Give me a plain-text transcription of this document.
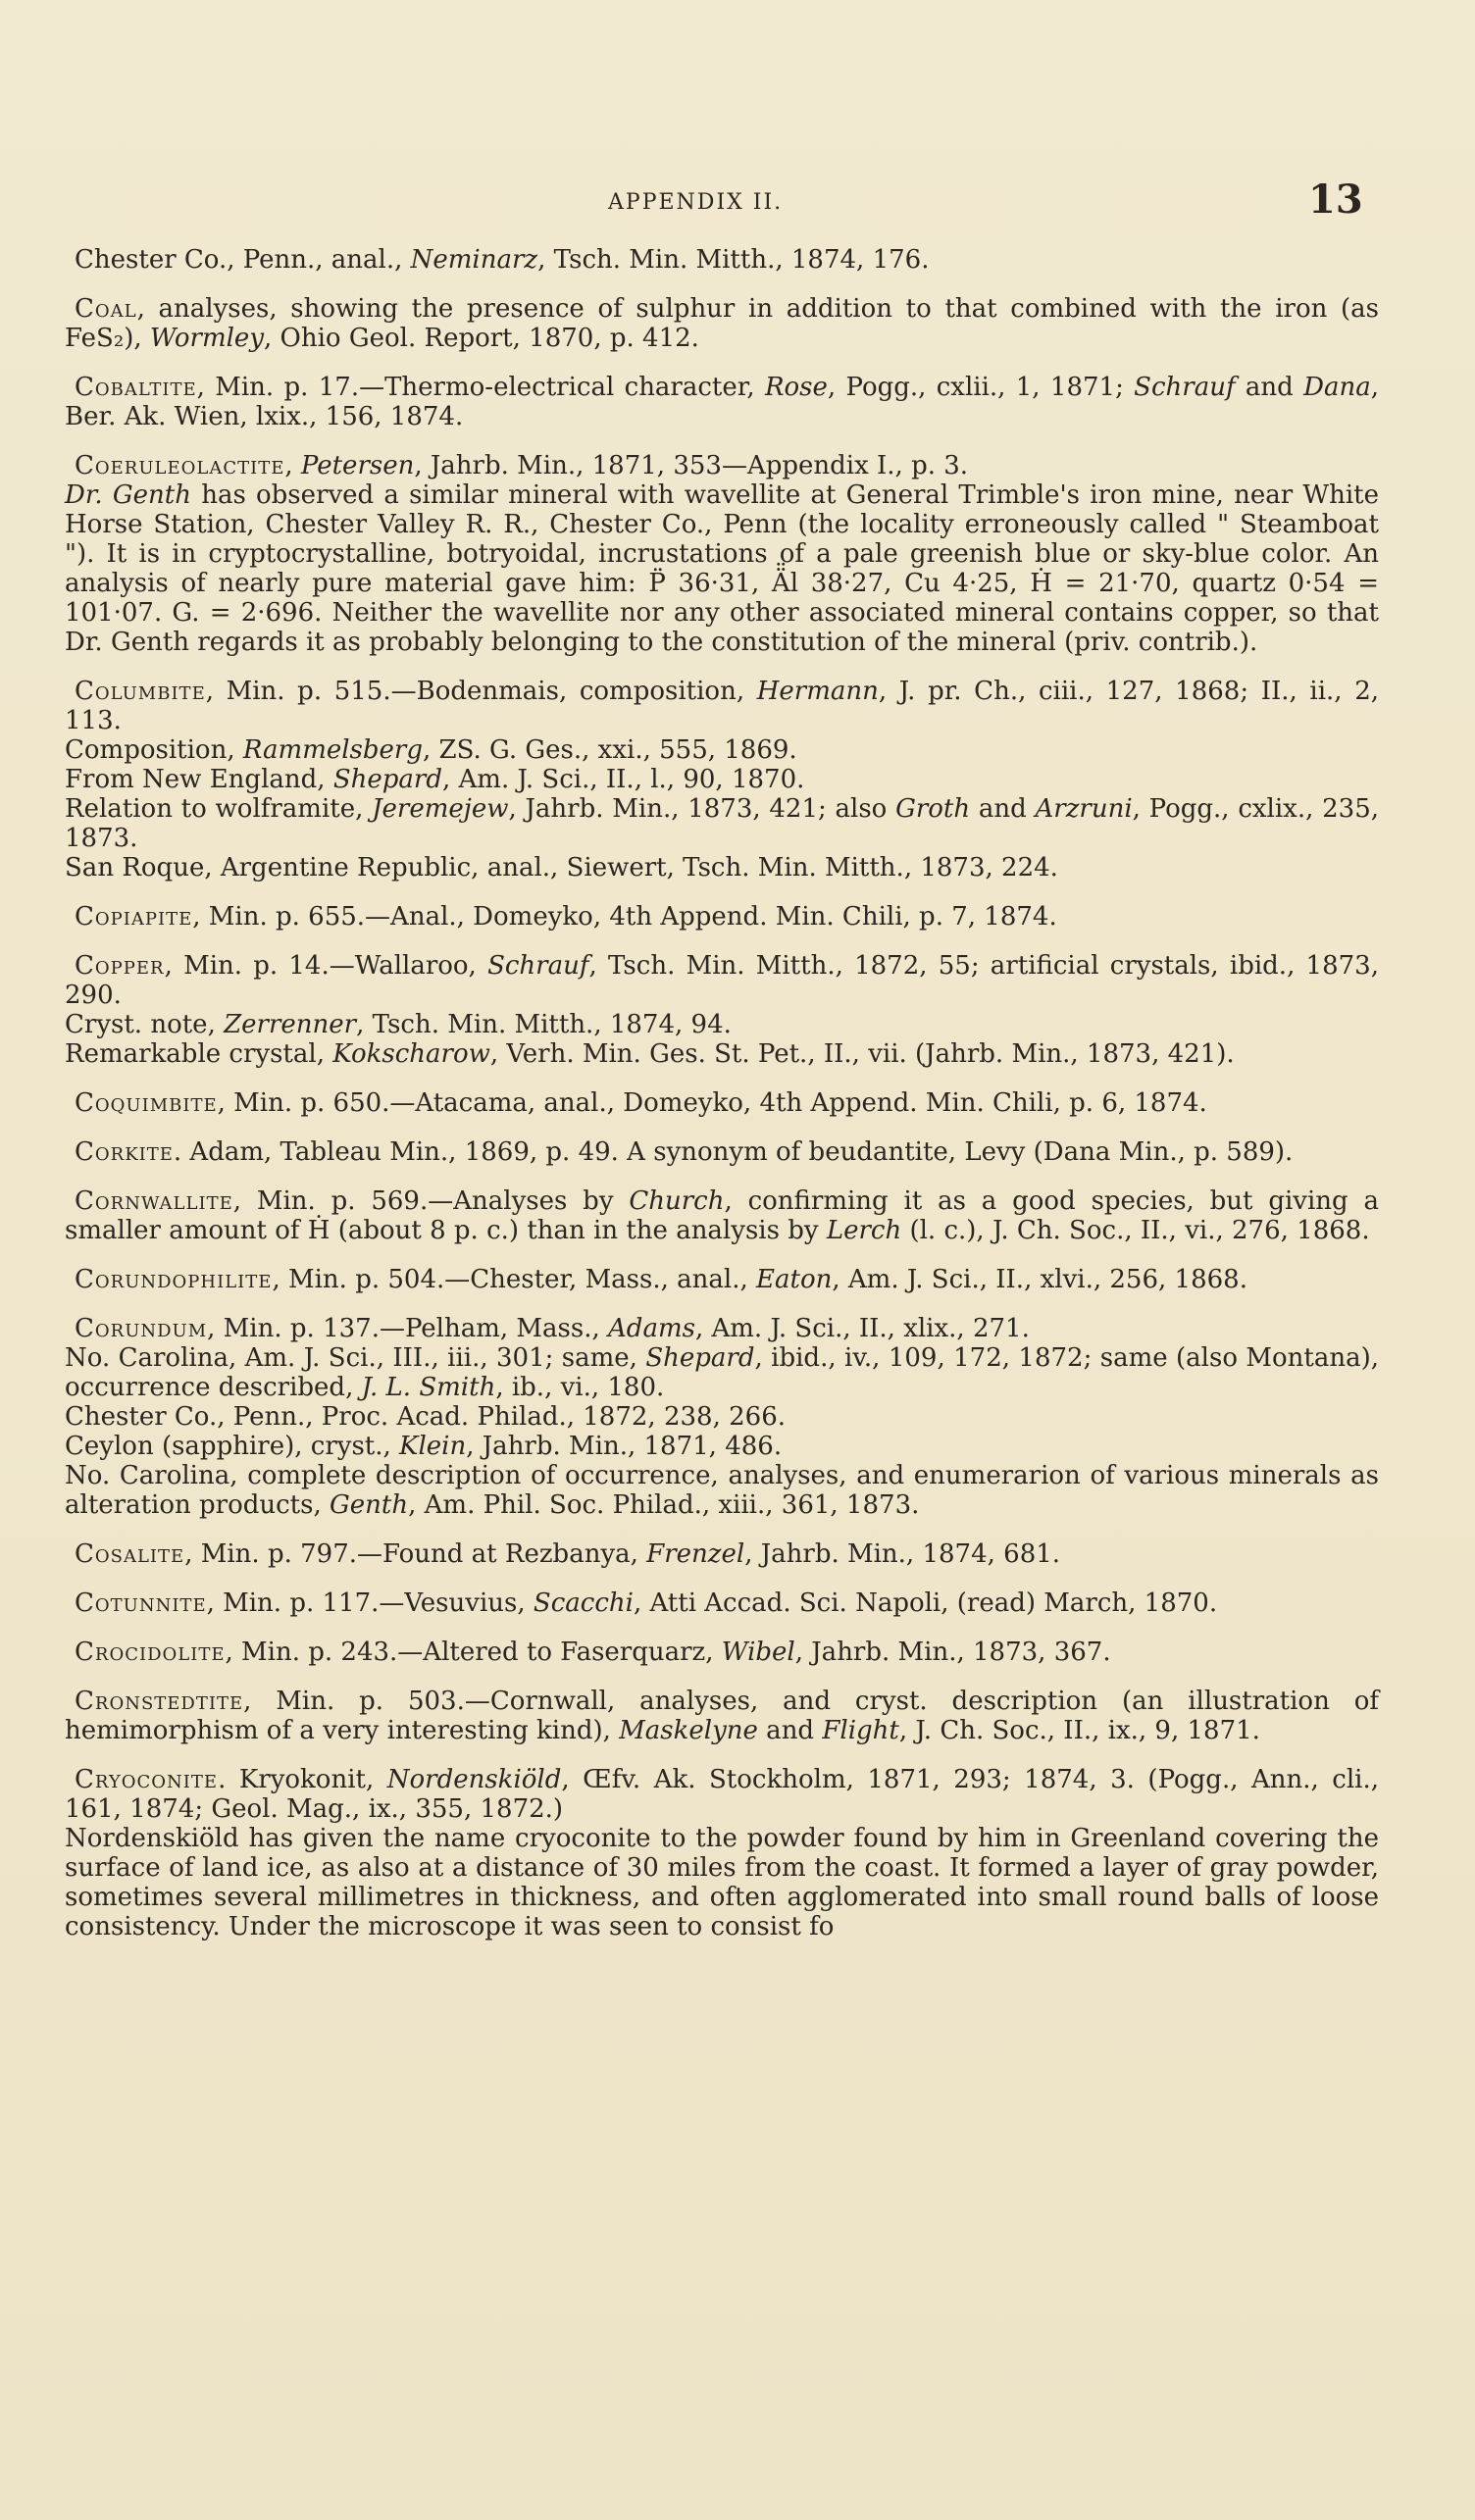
APPENDIX II.	13

Chester Co., Penn., anal., Neminarz, Tsch. Min. Mitth., 1874, 176.

Coal, analyses, showing the presence of sulphur in addition to that combined with the iron (as FeS₂), Wormley, Ohio Geol. Report, 1870, p. 412.

Cobaltite, Min. p. 17.—Thermo-electrical character, Rose, Pogg., cxlii., 1, 1871; Schrauf and Dana, Ber. Ak. Wien, lxix., 156, 1874.

Coeruleolactite, Petersen, Jahrb. Min., 1871, 353—Appendix I., p. 3.

Dr. Genth has observed a similar mineral with wavellite at General Trimble's iron mine, near White Horse Station, Chester Valley R. R., Chester Co., Penn (the locality erroneously called " Steamboat "). It is in cryptocrystalline, botryoidal, incrustations of a pale greenish blue or sky-blue color. An analysis of nearly pure material gave him: P̈ 36·31, Ä̈l 38·27, Cu 4·25, Ḣ = 21·70, quartz 0·54 = 101·07. G. = 2·696. Neither the wavellite nor any other associated mineral contains copper, so that Dr. Genth regards it as probably belonging to the constitution of the mineral (priv. contrib.).

Columbite, Min. p. 515.—Bodenmais, composition, Hermann, J. pr. Ch., ciii., 127, 1868; II., ii., 2, 113.

Composition, Rammelsberg, ZS. G. Ges., xxi., 555, 1869.

From New England, Shepard, Am. J. Sci., II., l., 90, 1870.

Relation to wolframite, Jeremejew, Jahrb. Min., 1873, 421; also Groth and Arzruni, Pogg., cxlix., 235, 1873.

San Roque, Argentine Republic, anal., Siewert, Tsch. Min. Mitth., 1873, 224.

Copiapite, Min. p. 655.—Anal., Domeyko, 4th Append. Min. Chili, p. 7, 1874.

Copper, Min. p. 14.—Wallaroo, Schrauf, Tsch. Min. Mitth., 1872, 55; artificial crystals, ibid., 1873, 290.

Cryst. note, Zerrenner, Tsch. Min. Mitth., 1874, 94.

Remarkable crystal, Kokscharow, Verh. Min. Ges. St. Pet., II., vii. (Jahrb. Min., 1873, 421).

Coquimbite, Min. p. 650.—Atacama, anal., Domeyko, 4th Append. Min. Chili, p. 6, 1874.

Corkite. Adam, Tableau Min., 1869, p. 49. A synonym of beudantite, Levy (Dana Min., p. 589).

Cornwallite, Min. p. 569.—Analyses by Church, confirming it as a good species, but giving a smaller amount of Ḣ (about 8 p. c.) than in the analysis by Lerch (l. c.), J. Ch. Soc., II., vi., 276, 1868.

Corundophilite, Min. p. 504.—Chester, Mass., anal., Eaton, Am. J. Sci., II., xlvi., 256, 1868.

Corundum, Min. p. 137.—Pelham, Mass., Adams, Am. J. Sci., II., xlix., 271.

No. Carolina, Am. J. Sci., III., iii., 301; same, Shepard, ibid., iv., 109, 172, 1872; same (also Montana), occurrence described, J. L. Smith, ib., vi., 180.

Chester Co., Penn., Proc. Acad. Philad., 1872, 238, 266.

Ceylon (sapphire), cryst., Klein, Jahrb. Min., 1871, 486.

No. Carolina, complete description of occurrence, analyses, and enumerarion of various minerals as alteration products, Genth, Am. Phil. Soc. Philad., xiii., 361, 1873.

Cosalite, Min. p. 797.—Found at Rezbanya, Frenzel, Jahrb. Min., 1874, 681.

Cotunnite, Min. p. 117.—Vesuvius, Scacchi, Atti Accad. Sci. Napoli, (read) March, 1870.

Crocidolite, Min. p. 243.—Altered to Faserquarz, Wibel, Jahrb. Min., 1873, 367.

Cronstedtite, Min. p. 503.—Cornwall, analyses, and cryst. description (an illustration of hemimorphism of a very interesting kind), Maskelyne and Flight, J. Ch. Soc., II., ix., 9, 1871.

Cryoconite. Kryokonit, Nordenskiöld, Œfv. Ak. Stockholm, 1871, 293; 1874, 3. (Pogg., Ann., cli., 161, 1874; Geol. Mag., ix., 355, 1872.)

Nordenskiöld has given the name cryoconite to the powder found by him in Greenland covering the surface of land ice, as also at a distance of 30 miles from the coast. It formed a layer of gray powder, sometimes several millimetres in thickness, and often agglomerated into small round balls of loose consistency. Under the microscope it was seen to consist fo
